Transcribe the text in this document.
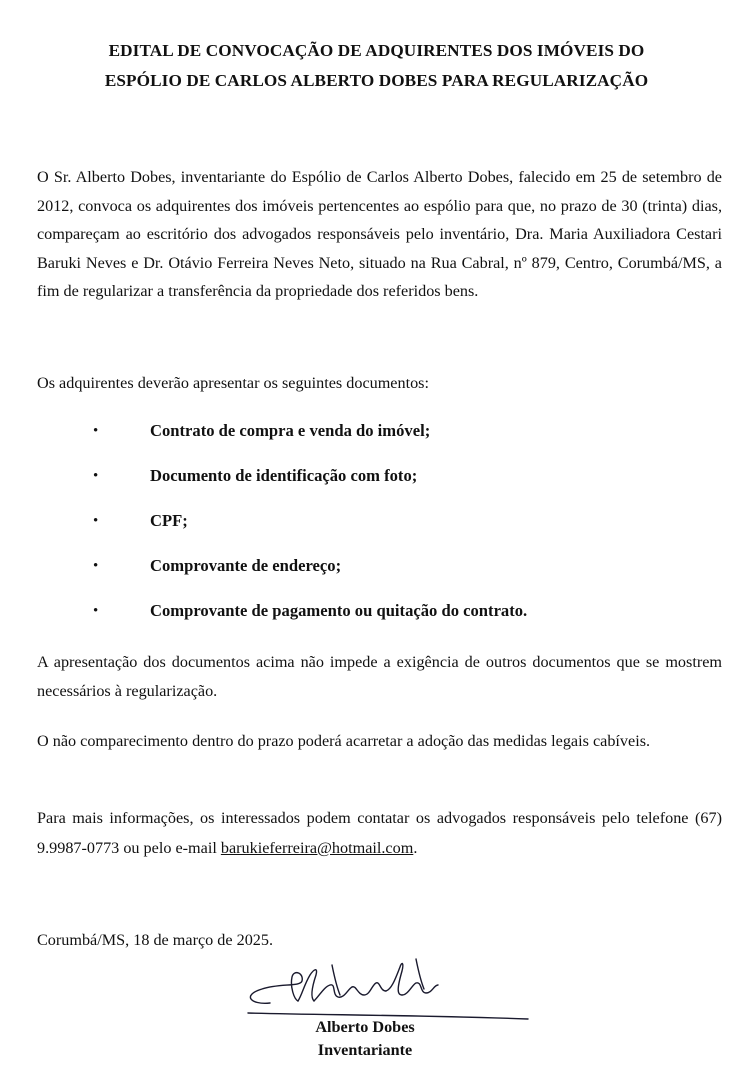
EDITAL DE CONVOCAÇÃO DE ADQUIRENTES DOS IMÓVEIS DO
ESPÓLIO DE CARLOS ALBERTO DOBES PARA REGULARIZAÇÃO

O Sr. Alberto Dobes, inventariante do Espólio de Carlos Alberto Dobes, falecido em 25 de setembro de 2012, convoca os adquirentes dos imóveis pertencentes ao espólio para que, no prazo de 30 (trinta) dias, compareçam ao escritório dos advogados responsáveis pelo inventário, Dra. Maria Auxiliadora Cestari Baruki Neves e Dr. Otávio Ferreira Neves Neto, situado na Rua Cabral, nº 879, Centro, Corumbá/MS, a fim de regularizar a transferência da propriedade dos referidos bens.

Os adquirentes deverão apresentar os seguintes documentos:

•	Contrato de compra e venda do imóvel;
•	Documento de identificação com foto;
•	CPF;
•	Comprovante de endereço;
•	Comprovante de pagamento ou quitação do contrato.

A apresentação dos documentos acima não impede a exigência de outros documentos que se mostrem necessários à regularização.

O não comparecimento dentro do prazo poderá acarretar a adoção das medidas legais cabíveis.

Para mais informações, os interessados podem contatar os advogados responsáveis pelo telefone (67) 9.9987-0773 ou pelo e-mail barukieferreira@hotmail.com.

Corumbá/MS, 18 de março de 2025.
Alberto Dobes
Inventariante
